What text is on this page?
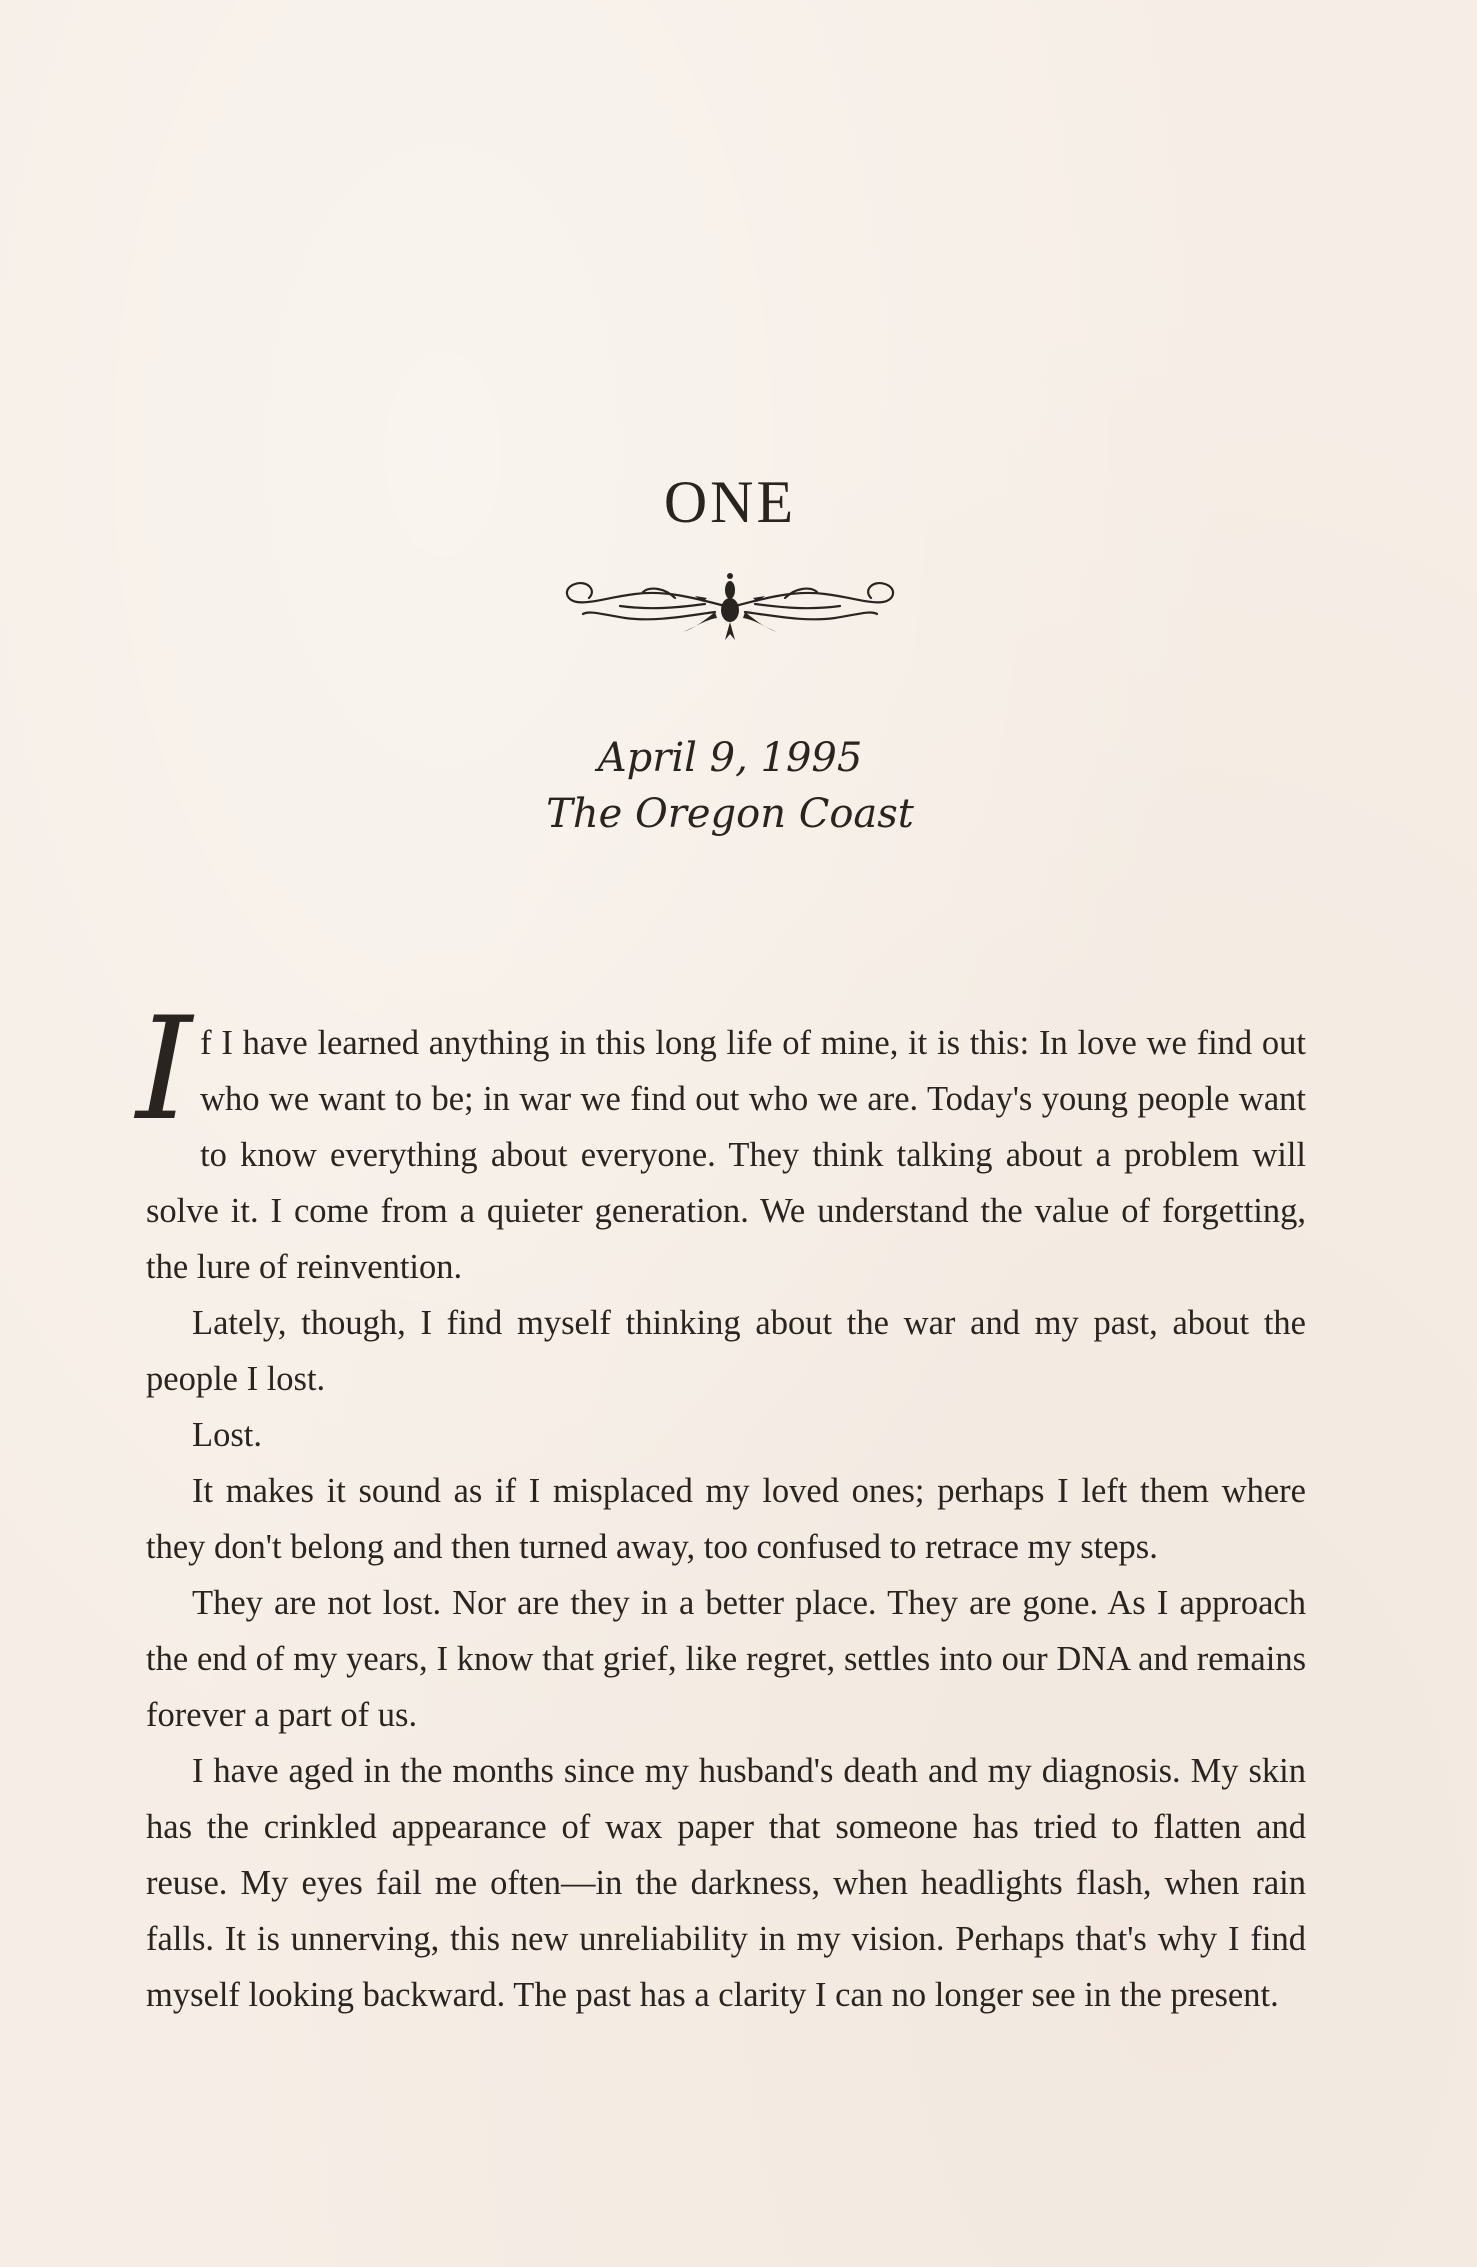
ONE
April 9, 1995
The Oregon Coast

If I have learned anything in this long life of mine, it is this: In love we find out who we want to be; in war we find out who we are. Today's young people want to know everything about everyone. They think talking about a problem will solve it. I come from a quieter generation. We understand the value of forgetting, the lure of reinvention.

Lately, though, I find myself thinking about the war and my past, about the people I lost.

Lost.

It makes it sound as if I misplaced my loved ones; perhaps I left them where they don't belong and then turned away, too confused to retrace my steps.

They are not lost. Nor are they in a better place. They are gone. As I approach the end of my years, I know that grief, like regret, settles into our DNA and remains forever a part of us.

I have aged in the months since my husband's death and my diagnosis. My skin has the crinkled appearance of wax paper that someone has tried to flatten and reuse. My eyes fail me often—in the darkness, when headlights flash, when rain falls. It is unnerving, this new unreliability in my vision. Perhaps that's why I find myself looking backward. The past has a clarity I can no longer see in the present.
